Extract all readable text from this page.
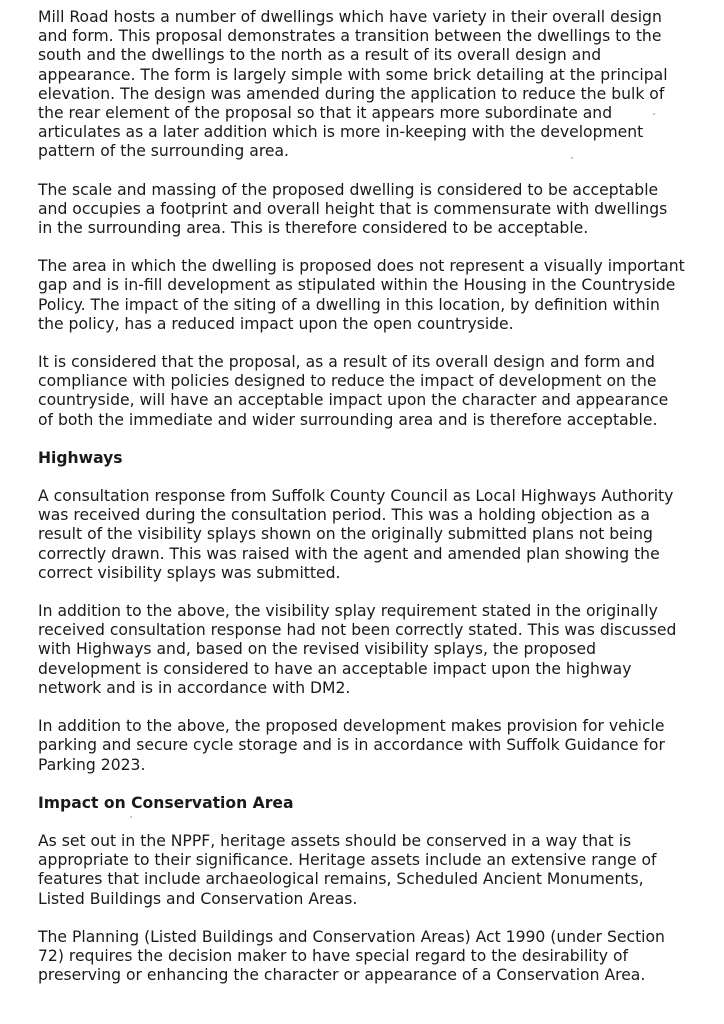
Mill Road hosts a number of dwellings which have variety in their overall design and form. This proposal demonstrates a transition between the dwellings to the south and the dwellings to the north as a result of its overall design and appearance. The form is largely simple with some brick detailing at the principal elevation. The design was amended during the application to reduce the bulk of the rear element of the proposal so that it appears more subordinate and articulates as a later addition which is more in-keeping with the development pattern of the surrounding area.

The scale and massing of the proposed dwelling is considered to be acceptable and occupies a footprint and overall height that is commensurate with dwellings in the surrounding area. This is therefore considered to be acceptable.

The area in which the dwelling is proposed does not represent a visually important gap and is in-fill development as stipulated within the Housing in the Countryside Policy. The impact of the siting of a dwelling in this location, by definition within the policy, has a reduced impact upon the open countryside.

It is considered that the proposal, as a result of its overall design and form and compliance with policies designed to reduce the impact of development on the countryside, will have an acceptable impact upon the character and appearance of both the immediate and wider surrounding area and is therefore acceptable.

Highways

A consultation response from Suffolk County Council as Local Highways Authority was received during the consultation period. This was a holding objection as a result of the visibility splays shown on the originally submitted plans not being correctly drawn. This was raised with the agent and amended plan showing the correct visibility splays was submitted.

In addition to the above, the visibility splay requirement stated in the originally received consultation response had not been correctly stated. This was discussed with Highways and, based on the revised visibility splays, the proposed development is considered to have an acceptable impact upon the highway network and is in accordance with DM2.

In addition to the above, the proposed development makes provision for vehicle parking and secure cycle storage and is in accordance with Suffolk Guidance for Parking 2023.

Impact on Conservation Area

As set out in the NPPF, heritage assets should be conserved in a way that is appropriate to their significance. Heritage assets include an extensive range of features that include archaeological remains, Scheduled Ancient Monuments, Listed Buildings and Conservation Areas.

The Planning (Listed Buildings and Conservation Areas) Act 1990 (under Section 72) requires the decision maker to have special regard to the desirability of preserving or enhancing the character or appearance of a Conservation Area.
